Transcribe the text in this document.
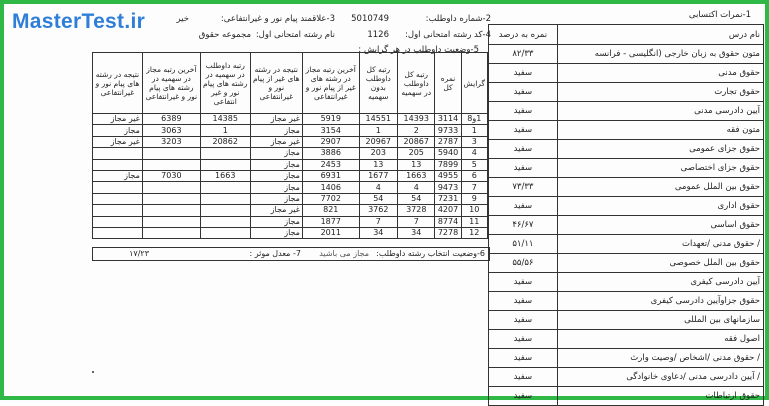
MasterTest.ir	1-نمرات اکتسابی
2-شماره داوطلب:
5010749
3-علاقمند پیام نور و غیرانتفاعی:
خیر
4-کد رشته امتحانی اول:
1126
نام رشته امتحانی اول:
مجموعه حقوق
5-وضعیت داوطلب در هر گرایش :
نام درس	نمره به درصد
متون حقوق به زبان خارجی (انگلیسی - فرانسه	۸۲/۳۳
حقوق مدنی	سفید
حقوق تجارت	سفید
آیین دادرسی مدنی	سفید
متون فقه	سفید
حقوق جزای عمومی	سفید
حقوق جزای اختصاصی	سفید
حقوق بین الملل عمومی	۷۳/۳۳
حقوق اداری	سفید
حقوق اساسی	۴۶/۶۷
/ حقوق مدنی /تعهدات	۵۱/۱۱
حقوق بین الملل خصوصی	۵۵/۵۶
آیین دادرسی کیفری	سفید
حقوق جزاوآیین دادرسی کیفری	سفید
سازمانهای بین المللی	سفید
اصول فقه	سفید
/ حقوق مدنی /اشخاص /وصیت وارث	سفید
/ آیین دادرسی مدنی /دعاوی خانوادگی	سفید
حقوق ارتباطات	سفید
گرایش	نمره کل	رتبه کل داوطلب در سهمیه	رتبه کل داوطلب بدون سهمیه	آخرین رتبه مجاز در رشته های غیر از پیام نور و غیرانتفاعی	نتیجه در رشته های غیر از پیام نور و غیرانتفاعی	رتبه داوطلب در سهمیه در رشته های پیام نور و غیر انتفاعی	آخرین رتبه مجاز در سهمیه در رشته های پیام نور و غیرانتفاعی	نتیجه در رشته های پیام نور و غیرانتفاعی
1و8	3114	14393	14551	5919	غیر مجاز	14385	6389	غیر مجاز
1	9733	2	1	3154	مجاز	1	3063	مجاز
3	2787	20867	20967	2907	غیر مجاز	20862	3203	غیر مجاز
4	5940	205	203	3886	مجاز			
5	7899	13	13	2453	مجاز			
6	4955	1663	1677	6931	مجاز	1663	7030	مجاز
7	9473	4	4	1406	مجاز			
9	7231	54	54	7702	مجاز			
10	4207	3728	3762	821	غیر مجاز			
11	8774	7	7	1877	مجاز			
12	7278	34	34	2011	مجاز			
6-وضعیت انتخاب رشته داوطلب:
مجاز می باشید
7- معدل موثر :
۱۷/۲۳
